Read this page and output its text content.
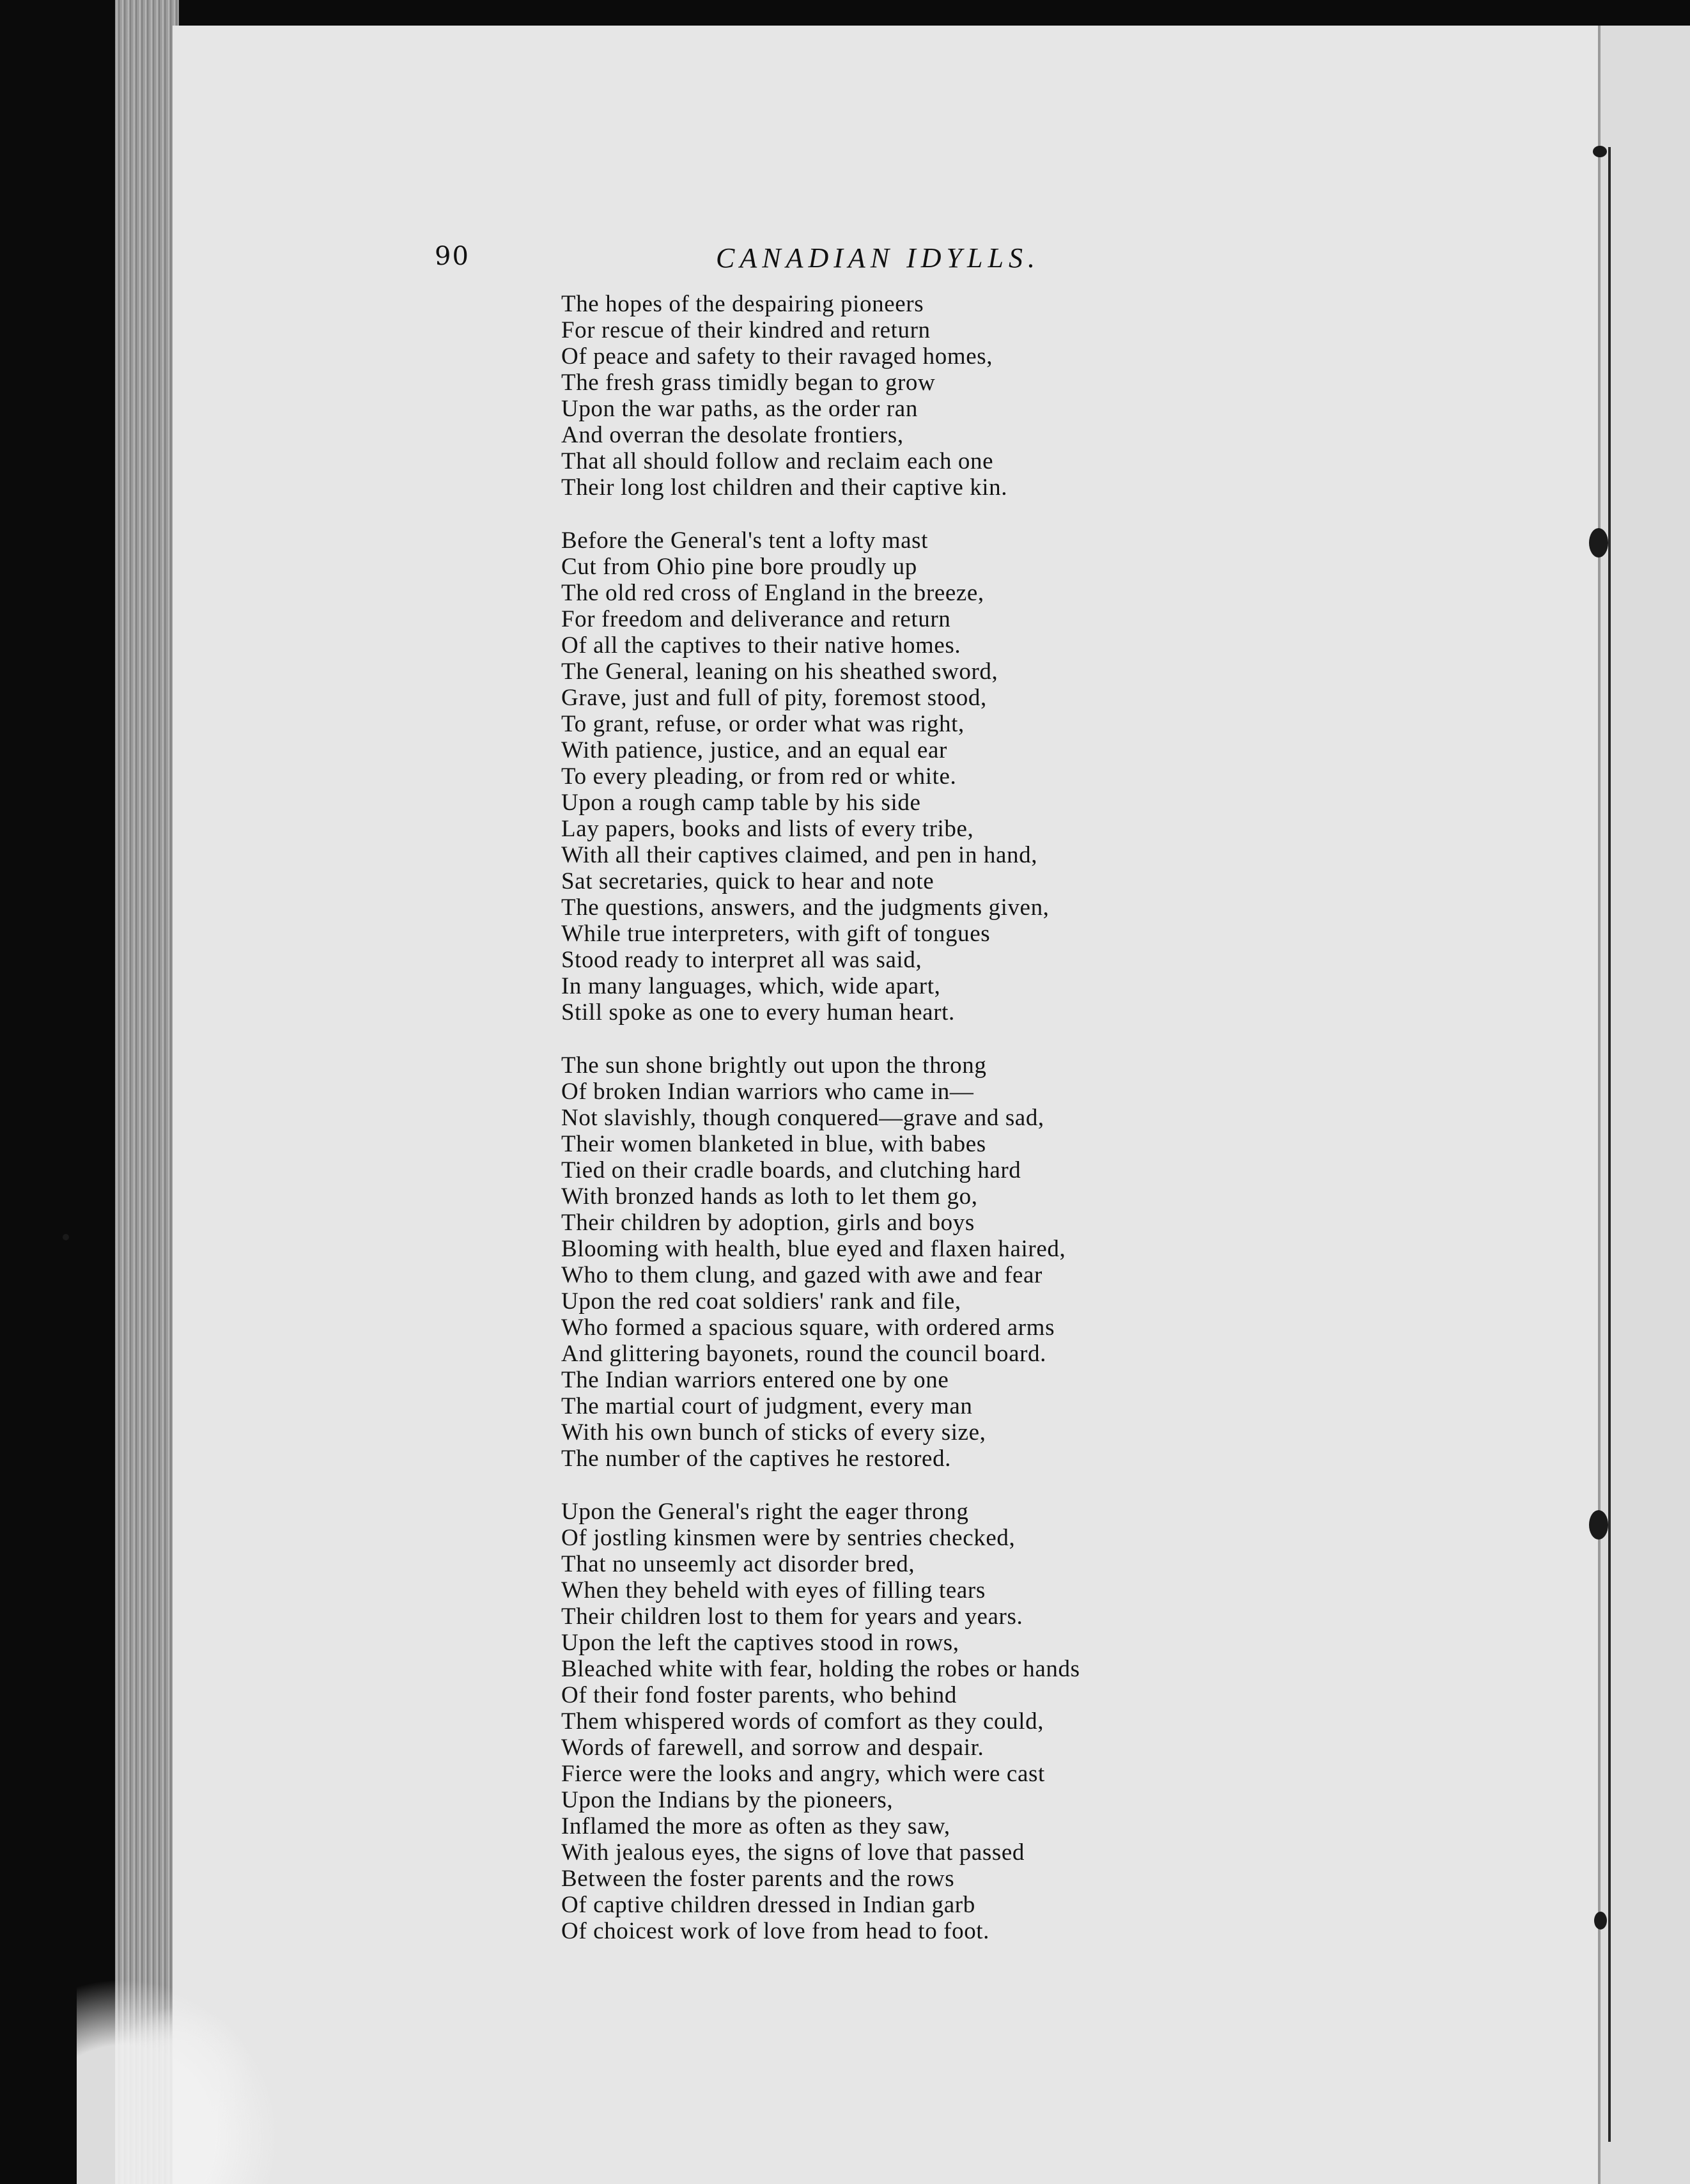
90	CANADIAN IDYLLS.
The hopes of the despairing pioneers
For rescue of their kindred and return
Of peace and safety to their ravaged homes,
The fresh grass timidly began to grow
Upon the war paths, as the order ran
And overran the desolate frontiers,
That all should follow and reclaim each one
Their long lost children and their captive kin.
Before the General's tent a lofty mast
Cut from Ohio pine bore proudly up
The old red cross of England in the breeze,
For freedom and deliverance and return
Of all the captives to their native homes.
The General, leaning on his sheathed sword,
Grave, just and full of pity, foremost stood,
To grant, refuse, or order what was right,
With patience, justice, and an equal ear
To every pleading, or from red or white.
Upon a rough camp table by his side
Lay papers, books and lists of every tribe,
With all their captives claimed, and pen in hand,
Sat secretaries, quick to hear and note
The questions, answers, and the judgments given,
While true interpreters, with gift of tongues
Stood ready to interpret all was said,
In many languages, which, wide apart,
Still spoke as one to every human heart.
The sun shone brightly out upon the throng
Of broken Indian warriors who came in—
Not slavishly, though conquered—grave and sad,
Their women blanketed in blue, with babes
Tied on their cradle boards, and clutching hard
With bronzed hands as loth to let them go,
Their children by adoption, girls and boys
Blooming with health, blue eyed and flaxen haired,
Who to them clung, and gazed with awe and fear
Upon the red coat soldiers' rank and file,
Who formed a spacious square, with ordered arms
And glittering bayonets, round the council board.
The Indian warriors entered one by one
The martial court of judgment, every man
With his own bunch of sticks of every size,
The number of the captives he restored.
Upon the General's right the eager throng
Of jostling kinsmen were by sentries checked,
That no unseemly act disorder bred,
When they beheld with eyes of filling tears
Their children lost to them for years and years.
Upon the left the captives stood in rows,
Bleached white with fear, holding the robes or hands
Of their fond foster parents, who behind
Them whispered words of comfort as they could,
Words of farewell, and sorrow and despair.
Fierce were the looks and angry, which were cast
Upon the Indians by the pioneers,
Inflamed the more as often as they saw,
With jealous eyes, the signs of love that passed
Between the foster parents and the rows
Of captive children dressed in Indian garb
Of choicest work of love from head to foot.
